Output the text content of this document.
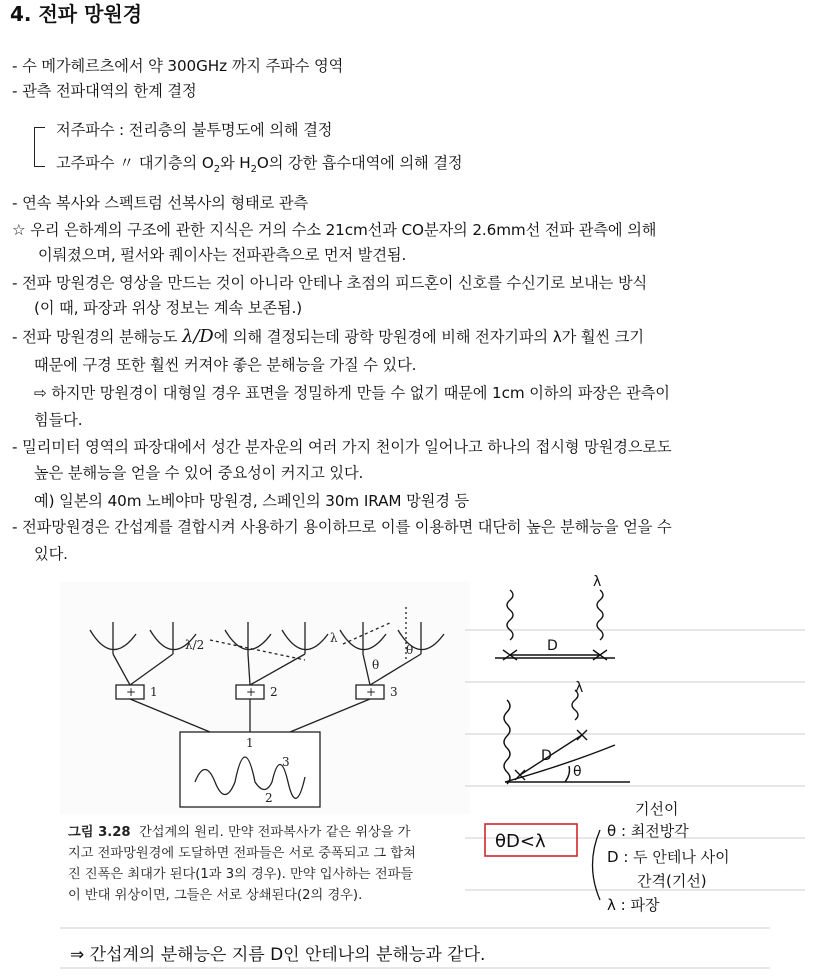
4. 전파 망원경
- 수 메가헤르츠에서 약 300GHz 까지 주파수 영역
- 관측 전파대역의 한계 결정
저주파수 : 전리층의 불투명도에 의해 결정
고주파수 〃 대기층의 $O_2$와 $H_2O$의 강한 흡수대역에 의해 결정
- 연속 복사와 스펙트럼 선복사의 형태로 관측
☆ 우리 은하계의 구조에 관한 지식은 거의 수소 21cm선과 CO분자의 2.6mm선 전파 관측에 의해
이뤄졌으며, 펄서와 퀘이사는 전파관측으로 먼저 발견됨.
- 전파 망원경은 영상을 만드는 것이 아니라 안테나 초점의 피드혼이 신호를 수신기로 보내는 방식
(이 때, 파장과 위상 정보는 계속 보존됨.)
- 전파 망원경의 분해능도 λ/D에 의해 결정되는데 광학 망원경에 비해 전자기파의 λ가 훨씬 크기
때문에 구경 또한 훨씬 커져야 좋은 분해능을 가질 수 있다.
⇨ 하지만 망원경이 대형일 경우 표면을 정밀하게 만들 수 없기 때문에 1cm 이하의 파장은 관측이
힘들다.
- 밀리미터 영역의 파장대에서 성간 분자운의 여러 가지 천이가 일어나고 하나의 접시형 망원경으로도
높은 분해능을 얻을 수 있어 중요성이 커지고 있다.
예) 일본의 40m 노베야마 망원경, 스페인의 30m IRAM 망원경 등
- 전파망원경은 간섭계를 결합시켜 사용하기 용이하므로 이를 이용하면 대단히 높은 분해능을 얻을 수
있다.
λ/2	λ
θ
θ
+	+	+
1	2	3
1
3
2
그림 3.28 간섭계의 원리. 만약 전파복사가 같은 위상을 가
지고 전파망원경에 도달하면 전파들은 서로 중폭되고 그 합쳐
진 진폭은 최대가 된다(1과 3의 경우). 만약 입사하는 전파들
이 반대 위상이면, 그들은 서로 상쇄된다(2의 경우).
D
λ
λ
D
θ
기선이
θ : 최전방각
D : 두 안테나 사이
간격(기선)
λ : 파장
θD<λ
⇒ 간섭계의 분해능은 지름 D인 안테나의 분해능과 같다.
